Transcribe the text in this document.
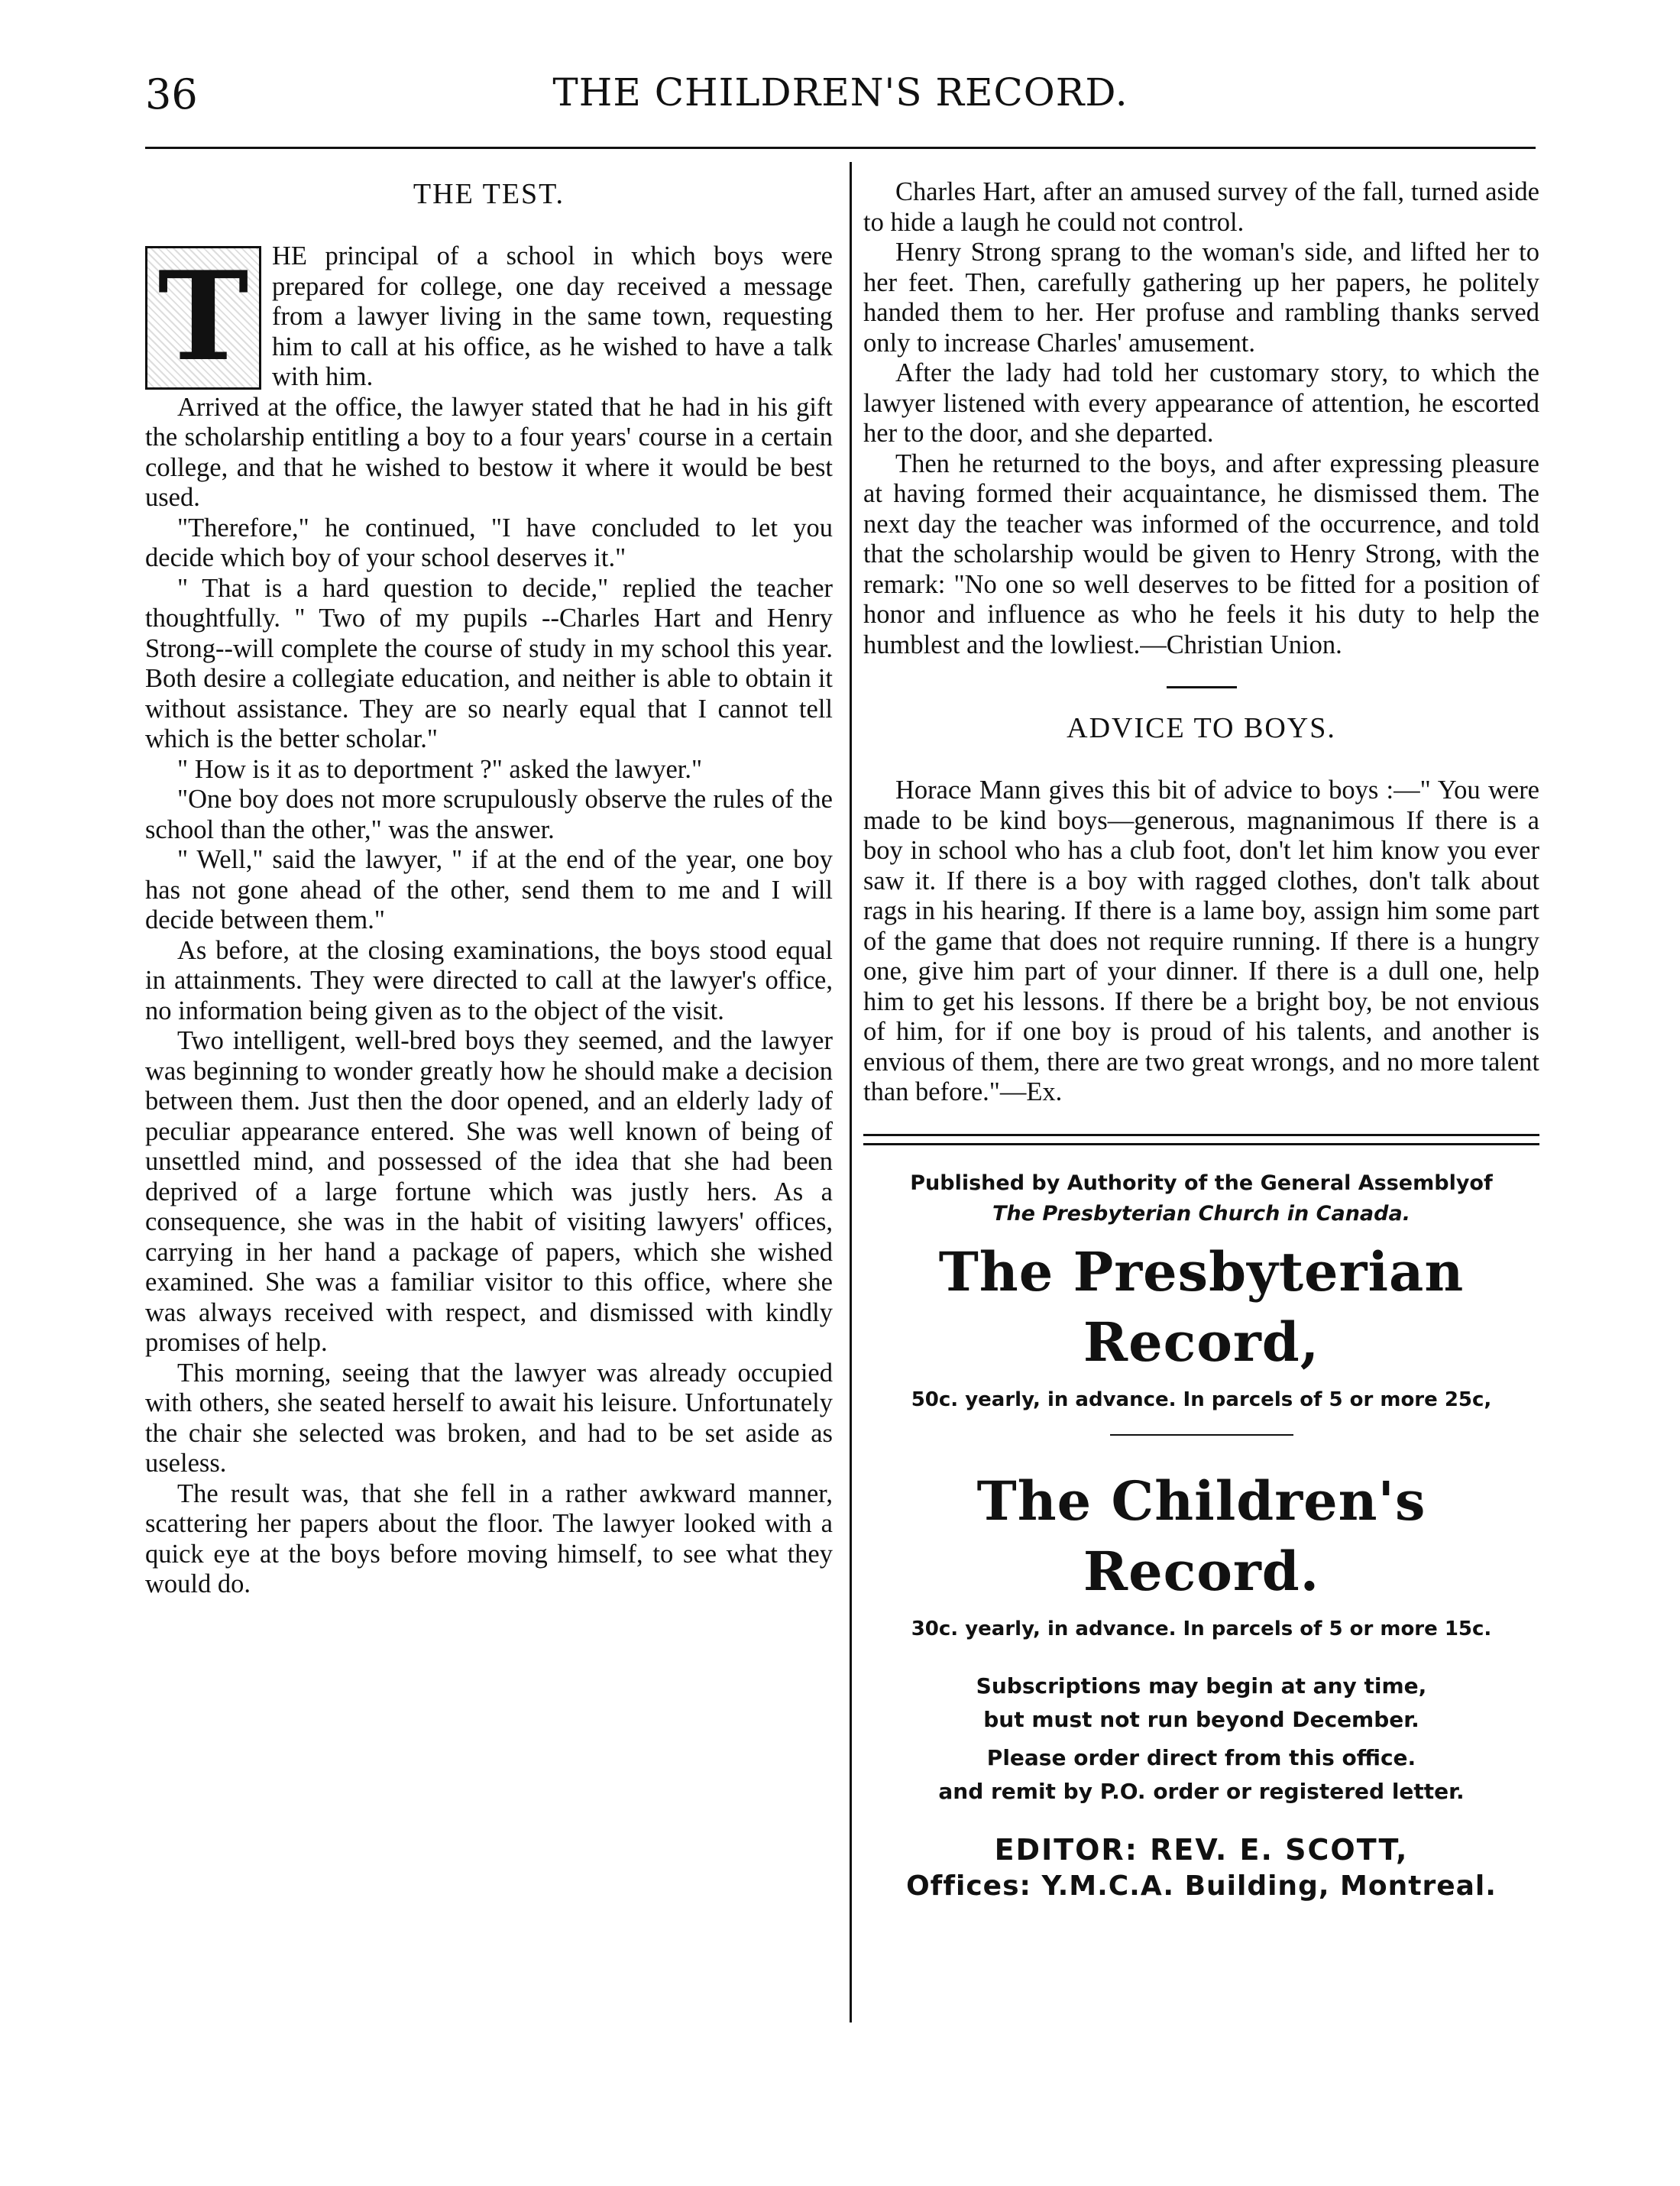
36	THE CHILDREN'S RECORD.
THE TEST.

T HE principal of a school in which boys were prepared for college, one day received a message from a lawyer living in the same town, requesting him to call at his office, as he wished to have a talk with him.

Arrived at the office, the lawyer stated that he had in his gift the scholarship entitling a boy to a four years' course in a certain college, and that he wished to bestow it where it would be best used.

"Therefore," he continued, "I have concluded to let you decide which boy of your school deserves it."

" That is a hard question to decide," replied the teacher thoughtfully. " Two of my pupils --Charles Hart and Henry Strong--will complete the course of study in my school this year. Both desire a collegiate education, and neither is able to obtain it without assistance. They are so nearly equal that I cannot tell which is the better scholar."

" How is it as to deportment ?" asked the lawyer."

"One boy does not more scrupulously observe the rules of the school than the other," was the answer.

" Well," said the lawyer, " if at the end of the year, one boy has not gone ahead of the other, send them to me and I will decide between them."

As before, at the closing examinations, the boys stood equal in attainments. They were directed to call at the lawyer's office, no information being given as to the object of the visit.

Two intelligent, well-bred boys they seemed, and the lawyer was beginning to wonder greatly how he should make a decision between them. Just then the door opened, and an elderly lady of peculiar appearance entered. She was well known of being of unsettled mind, and possessed of the idea that she had been deprived of a large fortune which was justly hers. As a consequence, she was in the habit of visiting lawyers' offices, carrying in her hand a package of papers, which she wished examined. She was a familiar visitor to this office, where she was always received with respect, and dismissed with kindly promises of help.

This morning, seeing that the lawyer was already occupied with others, she seated herself to await his leisure. Unfortunately the chair she selected was broken, and had to be set aside as useless.

The result was, that she fell in a rather awkward manner, scattering her papers about the floor. The lawyer looked with a quick eye at the boys before moving himself, to see what they would do.

Charles Hart, after an amused survey of the fall, turned aside to hide a laugh he could not control.

Henry Strong sprang to the woman's side, and lifted her to her feet. Then, carefully gathering up her papers, he politely handed them to her. Her profuse and rambling thanks served only to increase Charles' amusement.

After the lady had told her customary story, to which the lawyer listened with every appearance of attention, he escorted her to the door, and she departed.

Then he returned to the boys, and after expressing pleasure at having formed their acquaintance, he dismissed them. The next day the teacher was informed of the occurrence, and told that the scholarship would be given to Henry Strong, with the remark: "No one so well deserves to be fitted for a position of honor and influence as who he feels it his duty to help the humblest and the lowliest.—Christian Union.

ADVICE TO BOYS.

Horace Mann gives this bit of advice to boys :—" You were made to be kind boys—generous, magnanimous If there is a boy in school who has a club foot, don't let him know you ever saw it. If there is a boy with ragged clothes, don't talk about rags in his hearing. If there is a lame boy, assign him some part of the game that does not require running. If there is a hungry one, give him part of your dinner. If there is a dull one, help him to get his lessons. If there be a bright boy, be not envious of him, for if one boy is proud of his talents, and another is envious of them, there are two great wrongs, and no more talent than before."—Ex.

Published by Authority of the General Assemblyof
The Presbyterian Church in Canada.
The Presbyterian Record,
50c. yearly, in advance. In parcels of 5 or more 25c,
The Children's Record.
30c. yearly, in advance. In parcels of 5 or more 15c.
Subscriptions may begin at any time,
but must not run beyond December.
Please order direct from this office.
and remit by P.O. order or registered letter.
EDITOR: REV. E. SCOTT,
Offices: Y.M.C.A. Building, Montreal.
